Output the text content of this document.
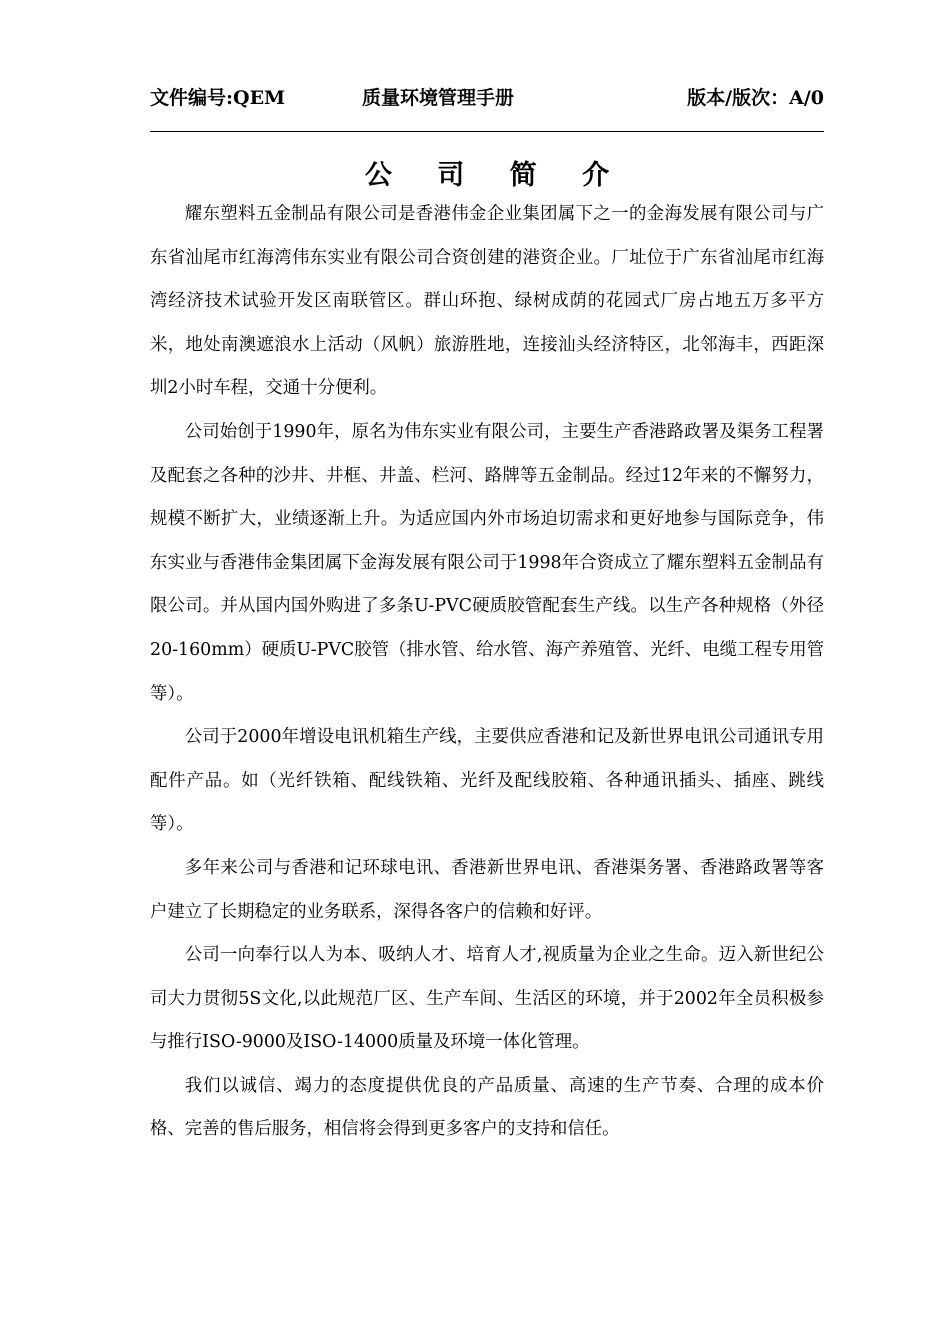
文件编号:QEM	质量环境管理手册	版本/版次：A/0
公 司 简 介

耀东塑料五金制品有限公司是香港伟金企业集团属下之一的金海发展有限公司与广东省汕尾市红海湾伟东实业有限公司合资创建的港资企业。厂址位于广东省汕尾市红海湾经济技术试验开发区南联管区。群山环抱、绿树成荫的花园式厂房占地五万多平方米，地处南澳遮浪水上活动（风帆）旅游胜地，连接汕头经济特区，北邻海丰，西距深圳2小时车程，交通十分便利。

公司始创于1990年，原名为伟东实业有限公司，主要生产香港路政署及渠务工程署及配套之各种的沙井、井框、井盖、栏河、路牌等五金制品。经过12年来的不懈努力，规模不断扩大，业绩逐渐上升。为适应国内外市场迫切需求和更好地参与国际竞争，伟东实业与香港伟金集团属下金海发展有限公司于1998年合资成立了耀东塑料五金制品有限公司。并从国内国外购进了多条U-PVC硬质胶管配套生产线。以生产各种规格（外径20-160mm）硬质U-PVC胶管（排水管、给水管、海产养殖管、光纤、电缆工程专用管等）。

公司于2000年增设电讯机箱生产线，主要供应香港和记及新世界电讯公司通讯专用配件产品。如（光纤铁箱、配线铁箱、光纤及配线胶箱、各种通讯插头、插座、跳线等）。

多年来公司与香港和记环球电讯、香港新世界电讯、香港渠务署、香港路政署等客户建立了长期稳定的业务联系，深得各客户的信赖和好评。

公司一向奉行以人为本、吸纳人才、培育人才,视质量为企业之生命。迈入新世纪公司大力贯彻5S文化,以此规范厂区、生产车间、生活区的环境，并于2002年全员积极参与推行ISO-9000及ISO-14000质量及环境一体化管理。

我们以诚信、竭力的态度提供优良的产品质量、高速的生产节奏、合理的成本价格、完善的售后服务，相信将会得到更多客户的支持和信任。
